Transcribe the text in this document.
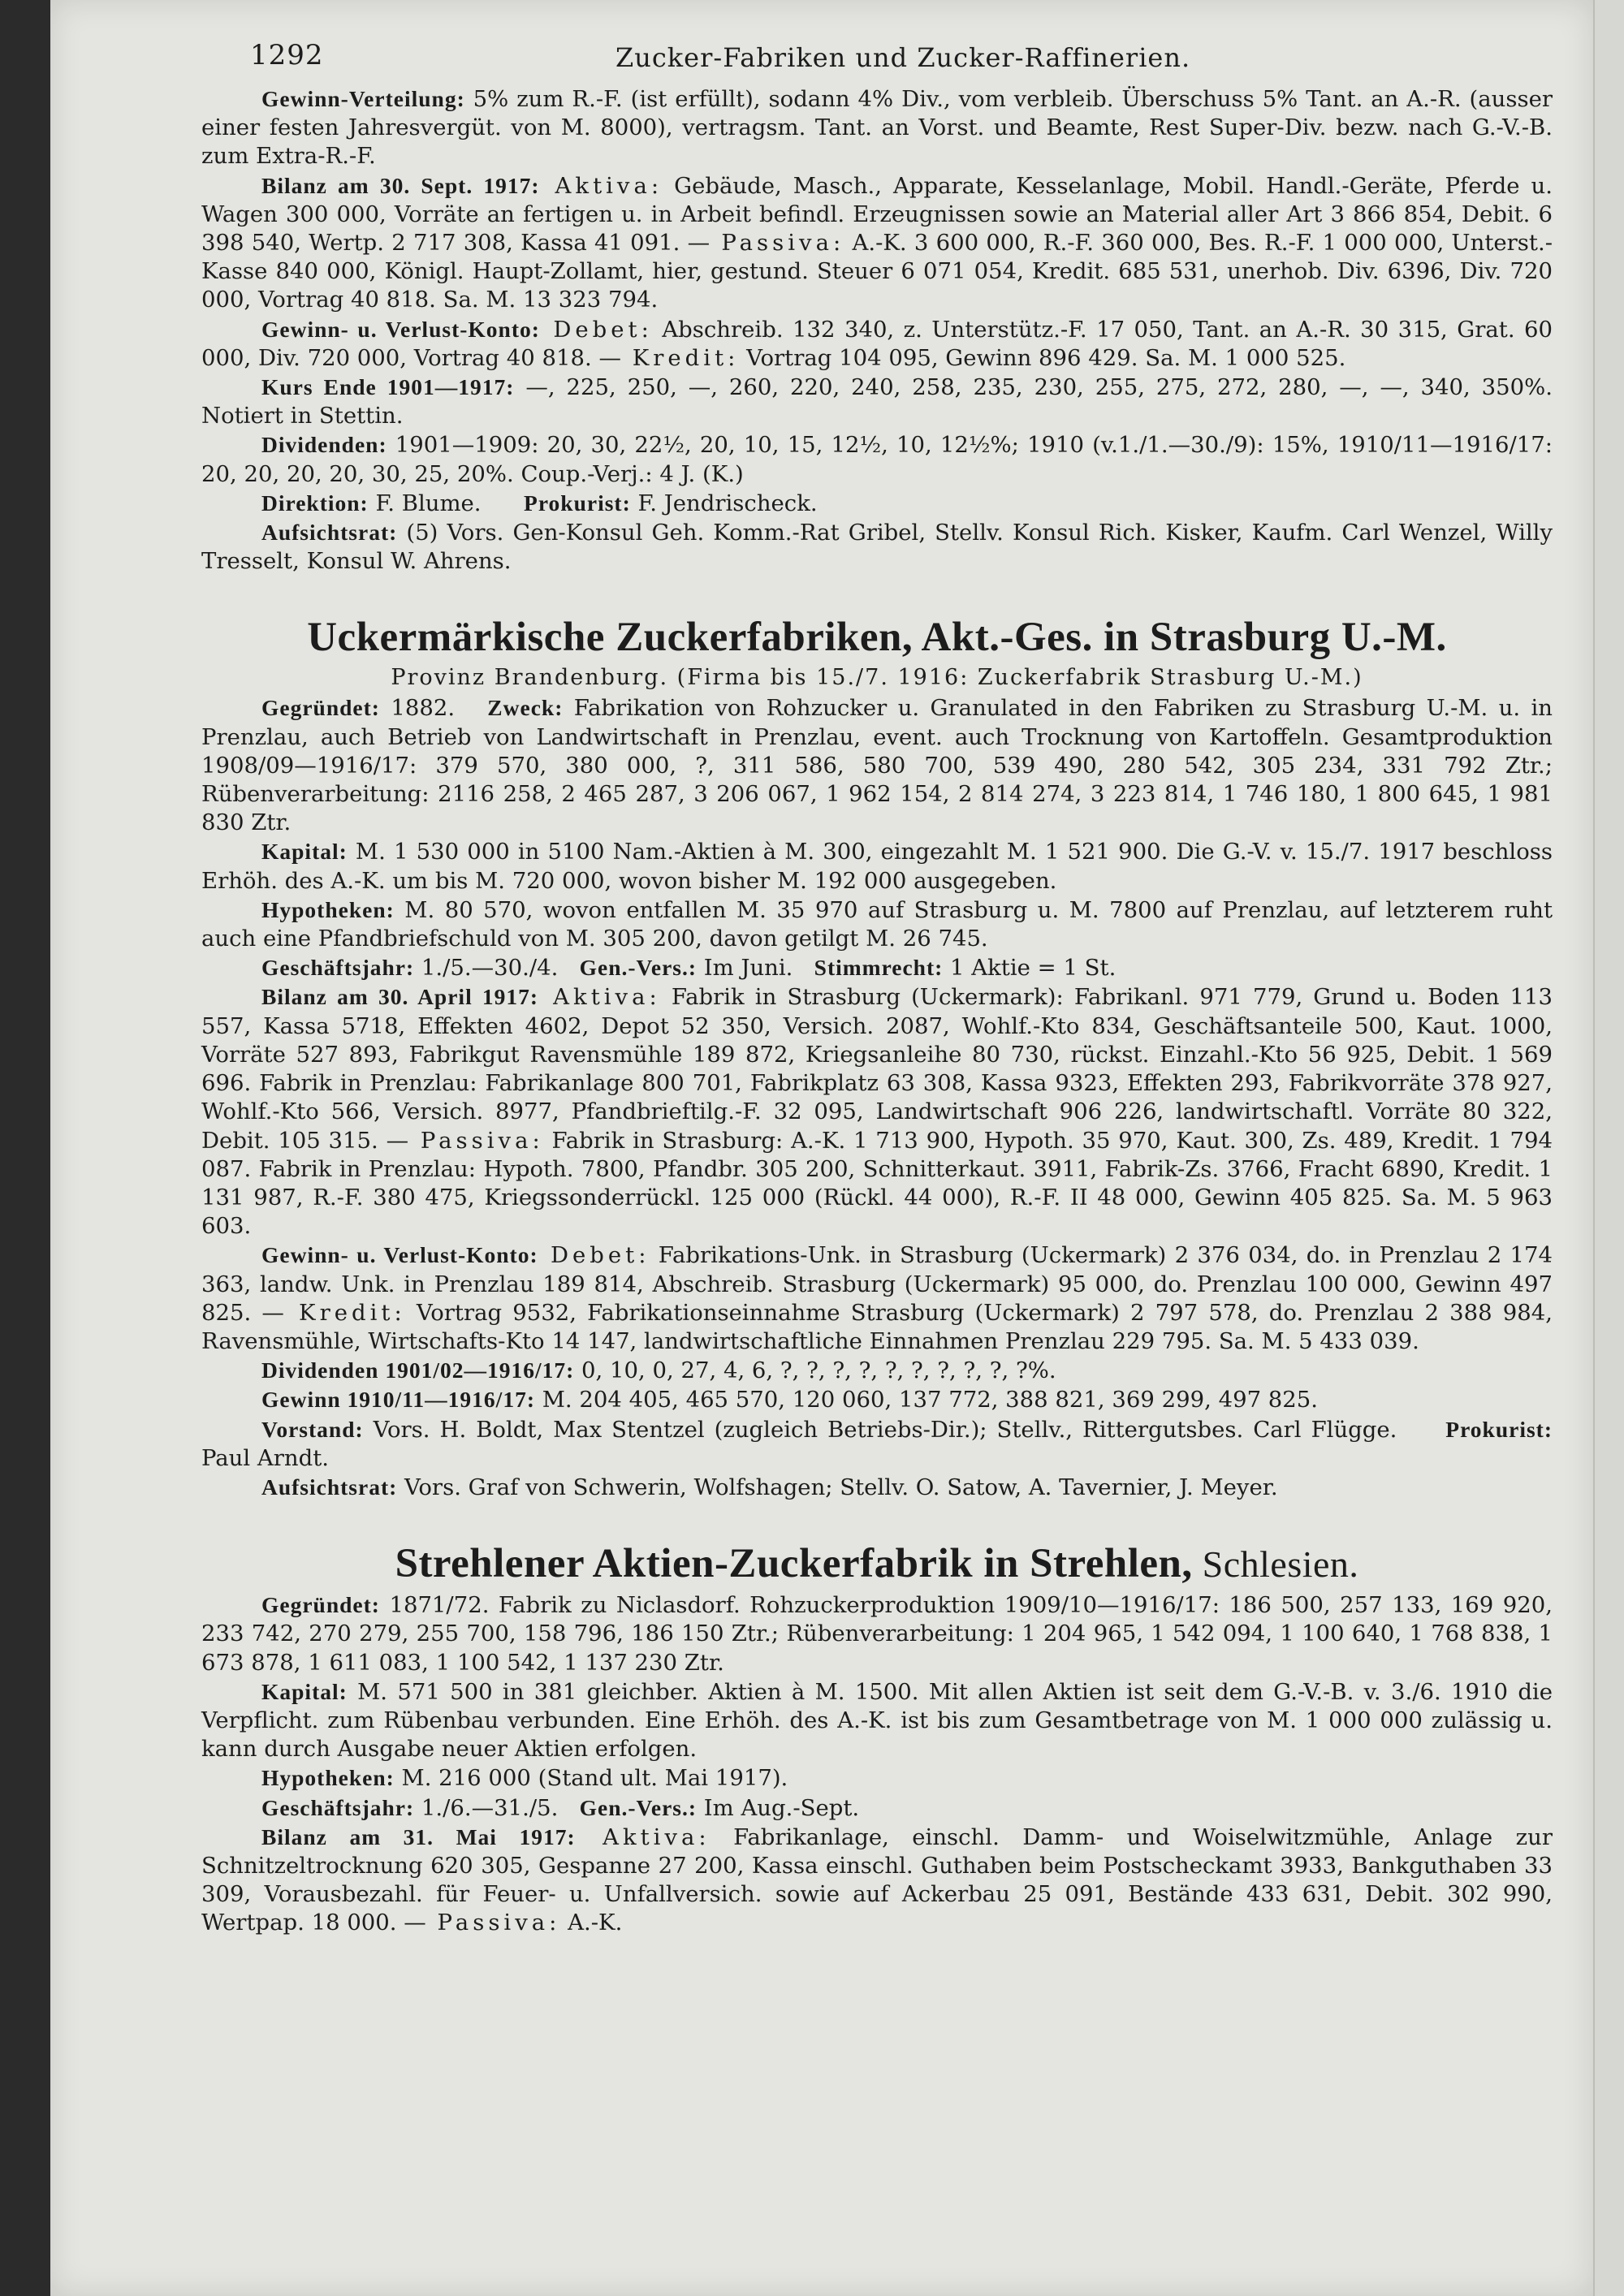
1292	Zucker-Fabriken und Zucker-Raffinerien.

Gewinn-Verteilung: 5% zum R.-F. (ist erfüllt), sodann 4% Div., vom verbleib. Überschuss 5% Tant. an A.-R. (ausser einer festen Jahresvergüt. von M. 8000), vertragsm. Tant. an Vorst. und Beamte, Rest Super-Div. bezw. nach G.-V.-B. zum Extra-R.-F.

Bilanz am 30. Sept. 1917: Aktiva: Gebäude, Masch., Apparate, Kesselanlage, Mobil. Handl.-Geräte, Pferde u. Wagen 300 000, Vorräte an fertigen u. in Arbeit befindl. Erzeugnissen sowie an Material aller Art 3 866 854, Debit. 6 398 540, Wertp. 2 717 308, Kassa 41 091. — Passiva: A.-K. 3 600 000, R.-F. 360 000, Bes. R.-F. 1 000 000, Unterst.-Kasse 840 000, Königl. Haupt-Zollamt, hier, gestund. Steuer 6 071 054, Kredit. 685 531, unerhob. Div. 6396, Div. 720 000, Vortrag 40 818. Sa. M. 13 323 794.

Gewinn- u. Verlust-Konto: Debet: Abschreib. 132 340, z. Unterstütz.-F. 17 050, Tant. an A.-R. 30 315, Grat. 60 000, Div. 720 000, Vortrag 40 818. — Kredit: Vortrag 104 095, Gewinn 896 429. Sa. M. 1 000 525.

Kurs Ende 1901—1917: —, 225, 250, —, 260, 220, 240, 258, 235, 230, 255, 275, 272, 280, —, —, 340, 350%. Notiert in Stettin.

Dividenden: 1901—1909: 20, 30, 22½, 20, 10, 15, 12½, 10, 12½%; 1910 (v.1./1.—30./9): 15%, 1910/11—1916/17: 20, 20, 20, 20, 30, 25, 20%. Coup.-Verj.: 4 J. (K.)

Direktion: F. Blume. Prokurist: F. Jendrischeck.

Aufsichtsrat: (5) Vors. Gen-Konsul Geh. Komm.-Rat Gribel, Stellv. Konsul Rich. Kisker, Kaufm. Carl Wenzel, Willy Tresselt, Konsul W. Ahrens.

Uckermärkische Zuckerfabriken, Akt.-Ges. in Strasburg U.-M.
Provinz Brandenburg. (Firma bis 15./7. 1916: Zuckerfabrik Strasburg U.-M.)

Gegründet: 1882. Zweck: Fabrikation von Rohzucker u. Granulated in den Fabriken zu Strasburg U.-M. u. in Prenzlau, auch Betrieb von Landwirtschaft in Prenzlau, event. auch Trocknung von Kartoffeln. Gesamtproduktion 1908/09—1916/17: 379 570, 380 000, ?, 311 586, 580 700, 539 490, 280 542, 305 234, 331 792 Ztr.; Rübenverarbeitung: 2116 258, 2 465 287, 3 206 067, 1 962 154, 2 814 274, 3 223 814, 1 746 180, 1 800 645, 1 981 830 Ztr.

Kapital: M. 1 530 000 in 5100 Nam.-Aktien à M. 300, eingezahlt M. 1 521 900. Die G.-V. v. 15./7. 1917 beschloss Erhöh. des A.-K. um bis M. 720 000, wovon bisher M. 192 000 ausgegeben.

Hypotheken: M. 80 570, wovon entfallen M. 35 970 auf Strasburg u. M. 7800 auf Prenzlau, auf letzterem ruht auch eine Pfandbriefschuld von M. 305 200, davon getilgt M. 26 745.

Geschäftsjahr: 1./5.—30./4. Gen.-Vers.: Im Juni. Stimmrecht: 1 Aktie = 1 St.

Bilanz am 30. April 1917: Aktiva: Fabrik in Strasburg (Uckermark): Fabrikanl. 971 779, Grund u. Boden 113 557, Kassa 5718, Effekten 4602, Depot 52 350, Versich. 2087, Wohlf.-Kto 834, Geschäftsanteile 500, Kaut. 1000, Vorräte 527 893, Fabrikgut Ravensmühle 189 872, Kriegsanleihe 80 730, rückst. Einzahl.-Kto 56 925, Debit. 1 569 696. Fabrik in Prenzlau: Fabrikanlage 800 701, Fabrikplatz 63 308, Kassa 9323, Effekten 293, Fabrikvorräte 378 927, Wohlf.-Kto 566, Versich. 8977, Pfandbrieftilg.-F. 32 095, Landwirtschaft 906 226, landwirtschaftl. Vorräte 80 322, Debit. 105 315. — Passiva: Fabrik in Strasburg: A.-K. 1 713 900, Hypoth. 35 970, Kaut. 300, Zs. 489, Kredit. 1 794 087. Fabrik in Prenzlau: Hypoth. 7800, Pfandbr. 305 200, Schnitterkaut. 3911, Fabrik-Zs. 3766, Fracht 6890, Kredit. 1 131 987, R.-F. 380 475, Kriegssonderrückl. 125 000 (Rückl. 44 000), R.-F. II 48 000, Gewinn 405 825. Sa. M. 5 963 603.

Gewinn- u. Verlust-Konto: Debet: Fabrikations-Unk. in Strasburg (Uckermark) 2 376 034, do. in Prenzlau 2 174 363, landw. Unk. in Prenzlau 189 814, Abschreib. Strasburg (Uckermark) 95 000, do. Prenzlau 100 000, Gewinn 497 825. — Kredit: Vortrag 9532, Fabrikationseinnahme Strasburg (Uckermark) 2 797 578, do. Prenzlau 2 388 984, Ravensmühle, Wirtschafts-Kto 14 147, landwirtschaftliche Einnahmen Prenzlau 229 795. Sa. M. 5 433 039.

Dividenden 1901/02—1916/17: 0, 10, 0, 27, 4, 6, ?, ?, ?, ?, ?, ?, ?, ?, ?, ?%.

Gewinn 1910/11—1916/17: M. 204 405, 465 570, 120 060, 137 772, 388 821, 369 299, 497 825.

Vorstand: Vors. H. Boldt, Max Stentzel (zugleich Betriebs-Dir.); Stellv., Rittergutsbes. Carl Flügge. Prokurist: Paul Arndt.

Aufsichtsrat: Vors. Graf von Schwerin, Wolfshagen; Stellv. O. Satow, A. Tavernier, J. Meyer.

Strehlener Aktien-Zuckerfabrik in Strehlen, Schlesien.

Gegründet: 1871/72. Fabrik zu Niclasdorf. Rohzuckerproduktion 1909/10—1916/17: 186 500, 257 133, 169 920, 233 742, 270 279, 255 700, 158 796, 186 150 Ztr.; Rübenverarbeitung: 1 204 965, 1 542 094, 1 100 640, 1 768 838, 1 673 878, 1 611 083, 1 100 542, 1 137 230 Ztr.

Kapital: M. 571 500 in 381 gleichber. Aktien à M. 1500. Mit allen Aktien ist seit dem G.-V.-B. v. 3./6. 1910 die Verpflicht. zum Rübenbau verbunden. Eine Erhöh. des A.-K. ist bis zum Gesamtbetrage von M. 1 000 000 zulässig u. kann durch Ausgabe neuer Aktien erfolgen.

Hypotheken: M. 216 000 (Stand ult. Mai 1917).

Geschäftsjahr: 1./6.—31./5. Gen.-Vers.: Im Aug.-Sept.

Bilanz am 31. Mai 1917: Aktiva: Fabrikanlage, einschl. Damm- und Woiselwitzmühle, Anlage zur Schnitzeltrocknung 620 305, Gespanne 27 200, Kassa einschl. Guthaben beim Postscheckamt 3933, Bankguthaben 33 309, Vorausbezahl. für Feuer- u. Unfallversich. sowie auf Ackerbau 25 091, Bestände 433 631, Debit. 302 990, Wertpap. 18 000. — Passiva: A.-K.
